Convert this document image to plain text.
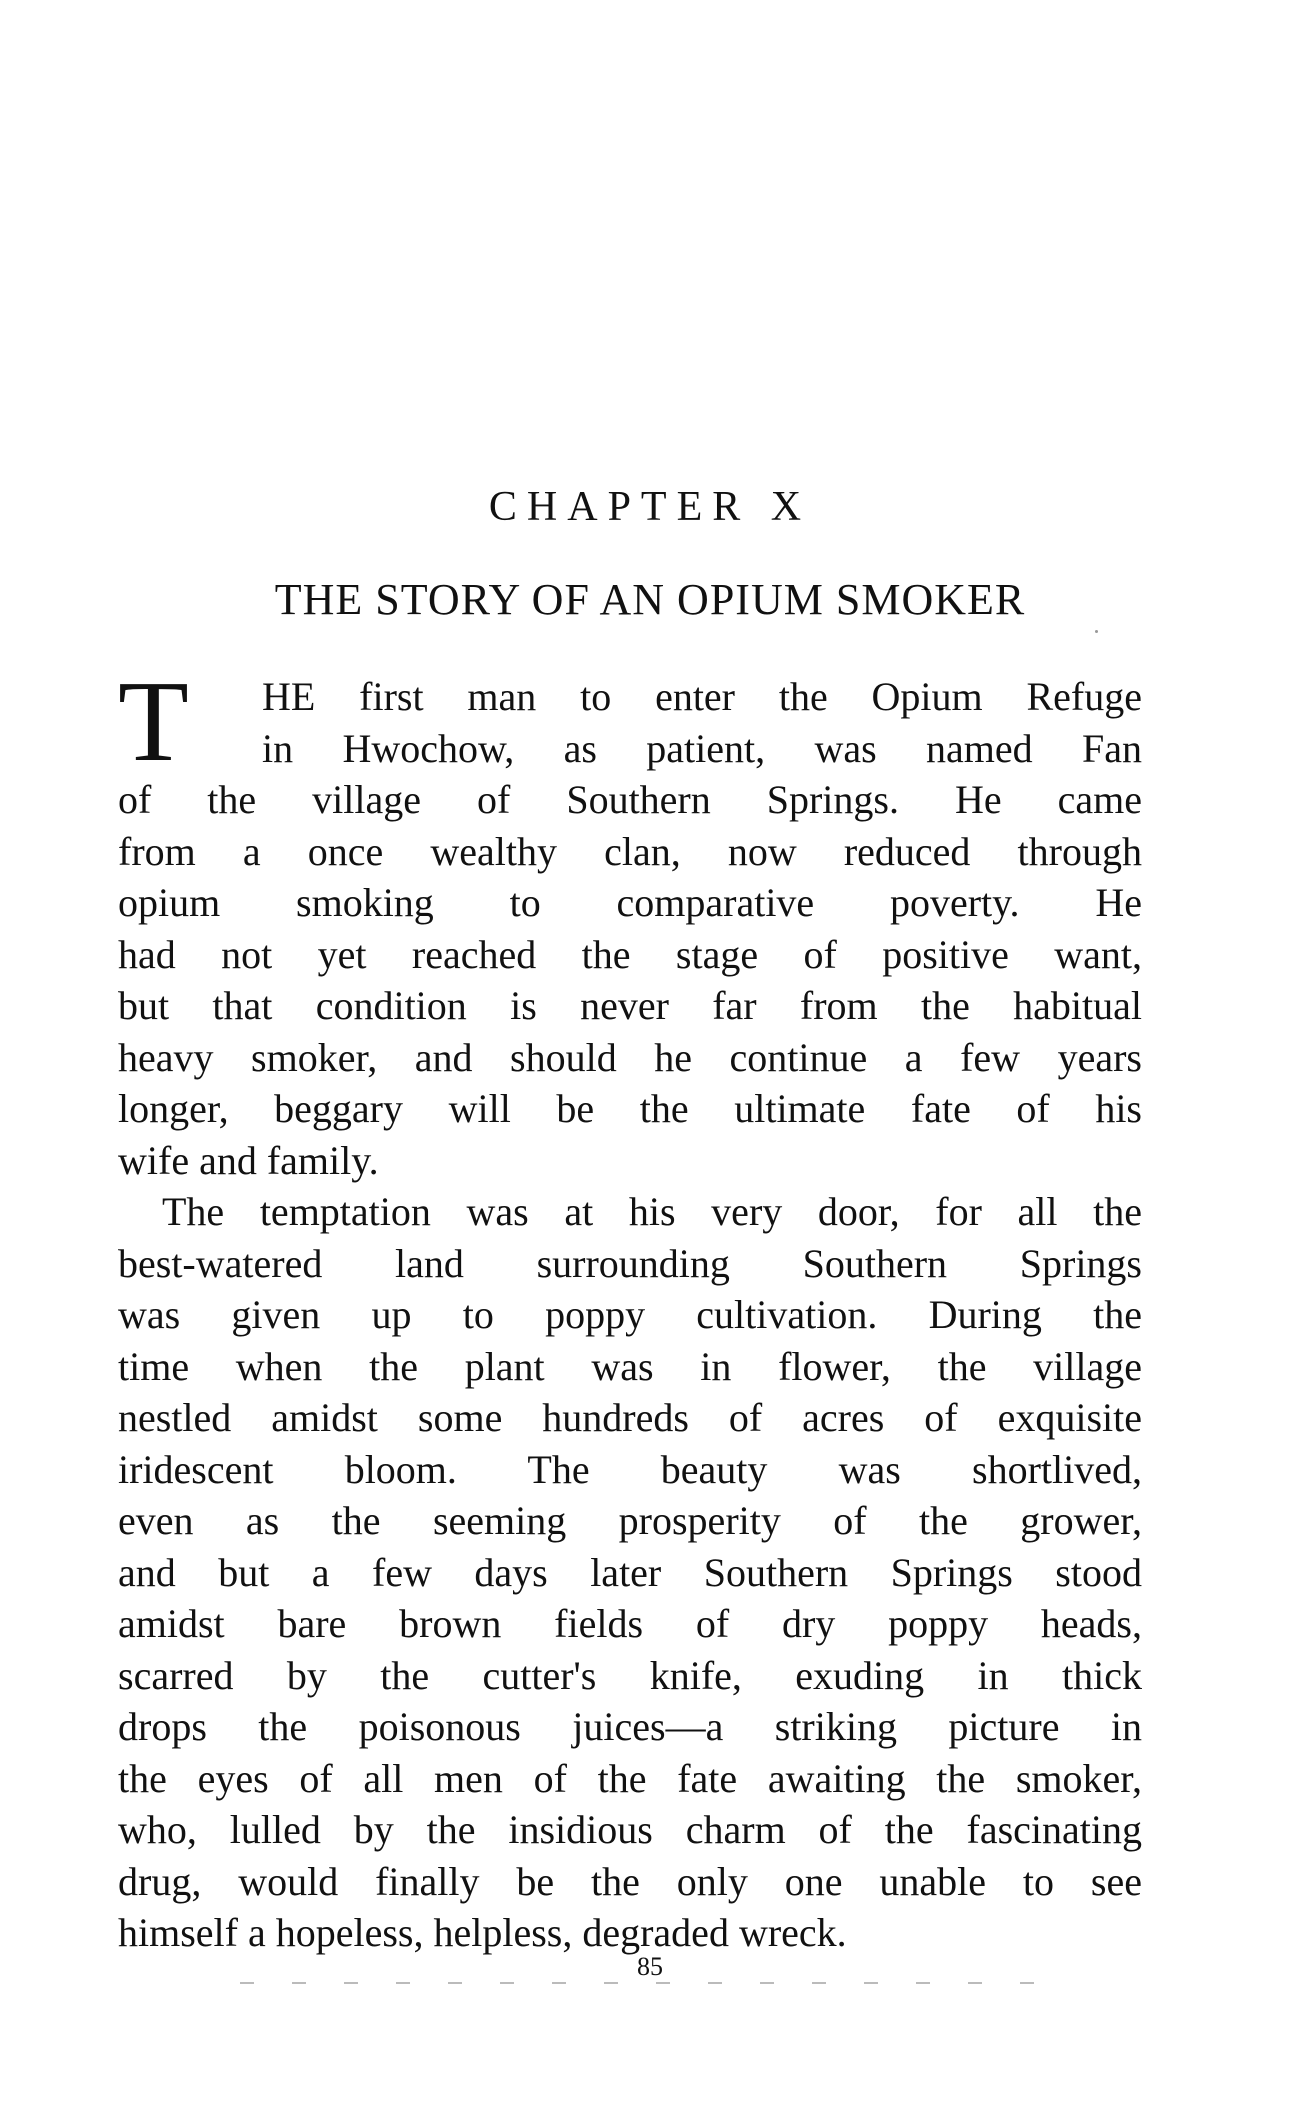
CHAPTER X
THE STORY OF AN OPIUM SMOKER
T	HE first man to enter the Opium Refuge
in Hwochow, as patient, was named Fan
of the village of Southern Springs. He came
from a once wealthy clan, now reduced through
opium smoking to comparative poverty. He
had not yet reached the stage of positive want,
but that condition is never far from the habitual
heavy smoker, and should he continue a few years
longer, beggary will be the ultimate fate of his
wife and family.
The temptation was at his very door, for all the
best-watered land surrounding Southern Springs
was given up to poppy cultivation. During the
time when the plant was in flower, the village
nestled amidst some hundreds of acres of exquisite
iridescent bloom. The beauty was shortlived,
even as the seeming prosperity of the grower,
and but a few days later Southern Springs stood
amidst bare brown fields of dry poppy heads,
scarred by the cutter's knife, exuding in thick
drops the poisonous juices—a striking picture in
the eyes of all men of the fate awaiting the smoker,
who, lulled by the insidious charm of the fascinating
drug, would finally be the only one unable to see
himself a hopeless, helpless, degraded wreck.
85
